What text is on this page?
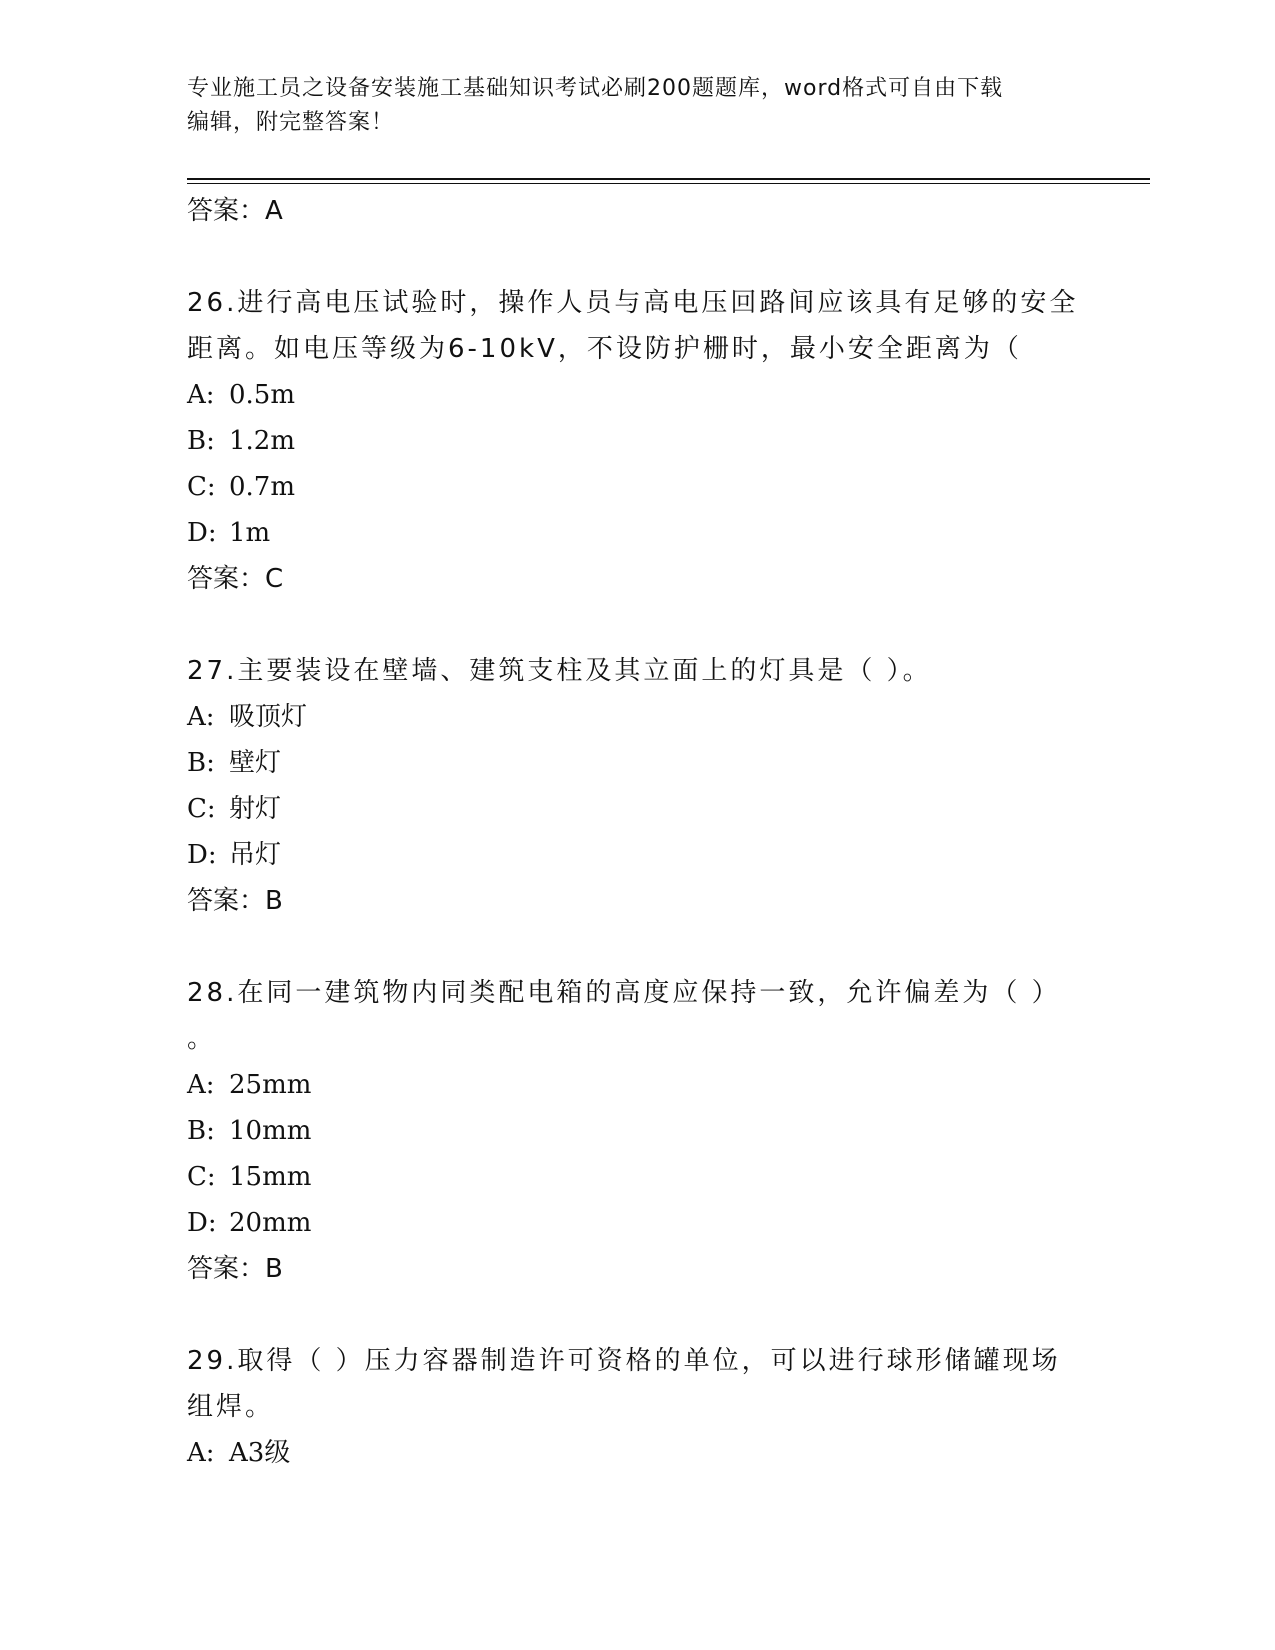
专业施工员之设备安装施工基础知识考试必刷200题题库，word格式可自由下载
编辑，附完整答案！
答案：A
26.进行高电压试验时，操作人员与高电压回路间应该具有足够的安全
距离。如电压等级为6-10kV，不设防护栅时，最小安全距离为（
A: 0.5m
B: 1.2m
C: 0.7m
D: 1m
答案：C
27.主要装设在壁墙、建筑支柱及其立面上的灯具是（ ）。
A: 吸顶灯
B: 壁灯
C: 射灯
D: 吊灯
答案：B
28.在同一建筑物内同类配电箱的高度应保持一致，允许偏差为（ ）
。
A: 25mm
B: 10mm
C: 15mm
D: 20mm
答案：B
29.取得（ ）压力容器制造许可资格的单位，可以进行球形储罐现场
组焊。
A: A3级
